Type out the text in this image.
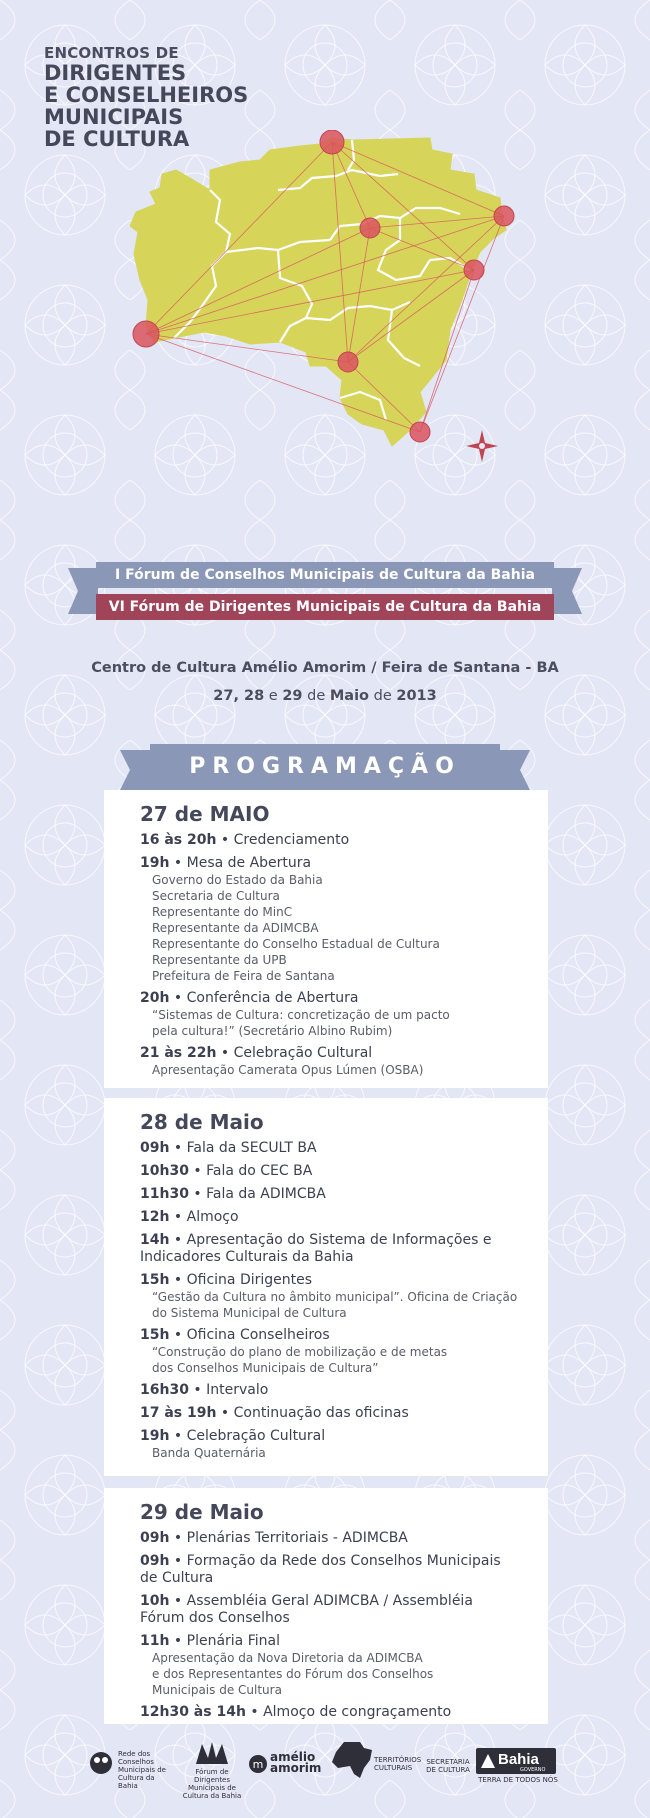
ENCONTROS DE
DIRIGENTES
E CONSELHEIROS
MUNICIPAIS
DE CULTURA
I Fórum de Conselhos Municipais de Cultura da Bahia
VI Fórum de Dirigentes Municipais de Cultura da Bahia
Centro de Cultura Amélio Amorim / Feira de Santana - BA
27, 28 e 29 de Maio de 2013
PROGRAMAÇÃO
27 de MAIO
16 às 20h • Credenciamento
19h • Mesa de Abertura
Governo do Estado da Bahia
Secretaria de Cultura
Representante do MinC
Representante da ADIMCBA
Representante do Conselho Estadual de Cultura
Representante da UPB
Prefeitura de Feira de Santana
20h • Conferência de Abertura
“Sistemas de Cultura: concretização de um pacto
pela cultura!” (Secretário Albino Rubim)
21 às 22h • Celebração Cultural
Apresentação Camerata Opus Lúmen (OSBA)
28 de Maio
09h • Fala da SECULT BA
10h30 • Fala do CEC BA
11h30 • Fala da ADIMCBA
12h • Almoço
14h • Apresentação do Sistema de Informações e Indicadores Culturais da Bahia
15h • Oficina Dirigentes
“Gestão da Cultura no âmbito municipal”. Oficina de Criação
do Sistema Municipal de Cultura
15h • Oficina Conselheiros
“Construção do plano de mobilização e de metas
dos Conselhos Municipais de Cultura”
16h30 • Intervalo
17 às 19h • Continuação das oficinas
19h • Celebração Cultural
Banda Quaternária
29 de Maio
09h • Plenárias Territoriais - ADIMCBA
09h • Formação da Rede dos Conselhos Municipais de Cultura
10h • Assembléia Geral ADIMCBA / Assembléia Fórum dos Conselhos
11h • Plenária Final
Apresentação da Nova Diretoria da ADIMCBA
e dos Representantes do Fórum dos Conselhos
Municipais de Cultura
12h30 às 14h • Almoço de congraçamento
Rede dos Conselhos Municipais de Cultura da Bahia
Fórum de Dirigentes Municipais de Cultura da Bahia
m
amélio
amorim
TERRITÓRIOS CULTURAIS
SECRETARIA DE CULTURA
Bahia
GOVERNO
TERRA DE TODOS NÓS
